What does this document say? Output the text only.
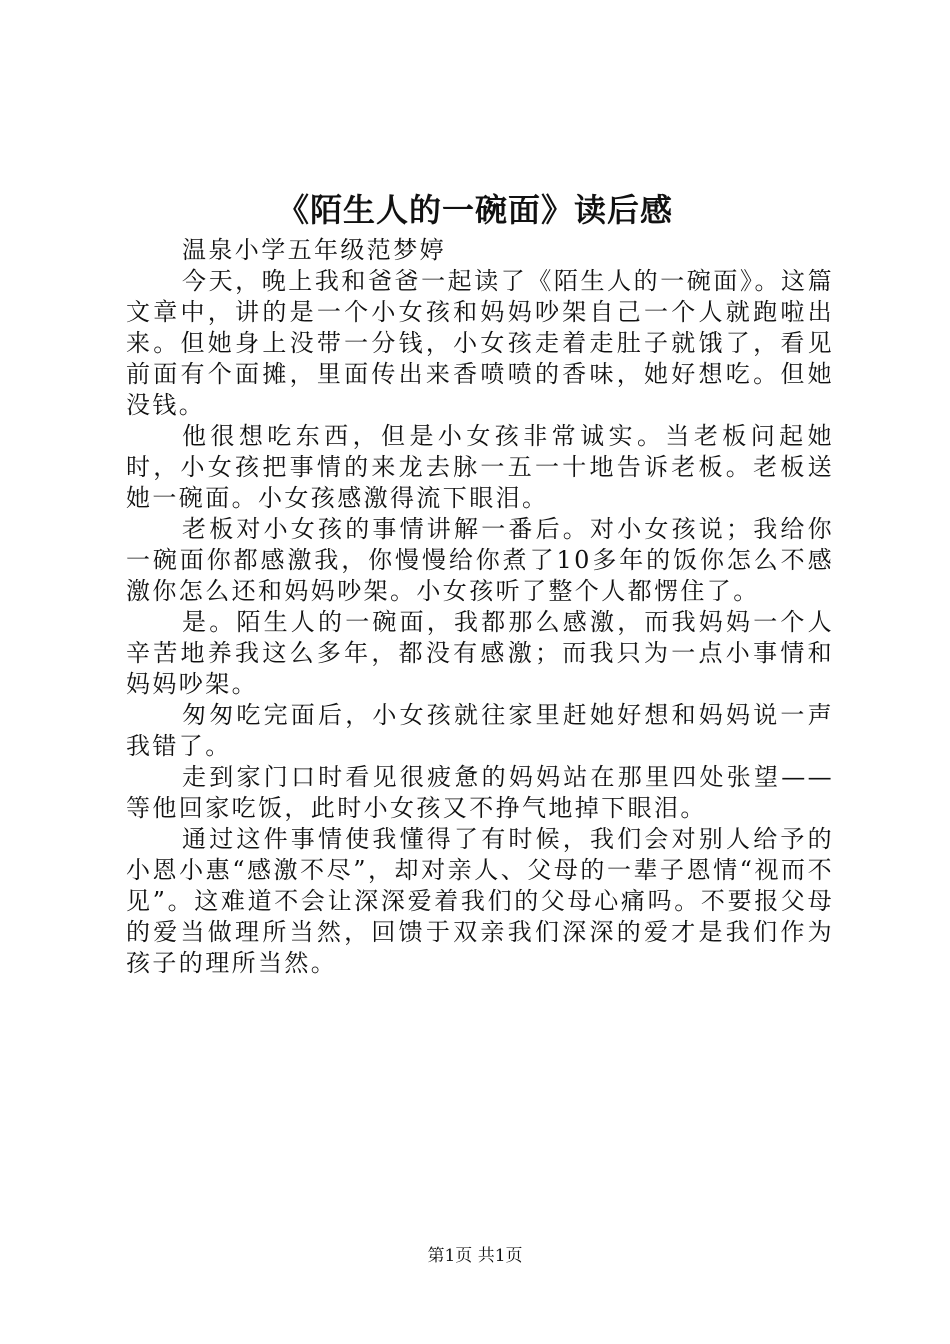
《陌生人的一碗面》读后感

温泉小学五年级范梦婷

今天，晚上我和爸爸一起读了《陌生人的一碗面》。这篇文章中，讲的是一个小女孩和妈妈吵架自己一个人就跑啦出来。但她身上没带一分钱，小女孩走着走肚子就饿了，看见前面有个面摊，里面传出来香喷喷的香味，她好想吃。但她没钱。

他很想吃东西，但是小女孩非常诚实。当老板问起她时，小女孩把事情的来龙去脉一五一十地告诉老板。老板送她一碗面。小女孩感激得流下眼泪。

老板对小女孩的事情讲解一番后。对小女孩说；我给你一碗面你都感激我，你慢慢给你煮了10多年的饭你怎么不感激你怎么还和妈妈吵架。小女孩听了整个人都愣住了。

是。陌生人的一碗面，我都那么感激，而我妈妈一个人辛苦地养我这么多年，都没有感激；而我只为一点小事情和妈妈吵架。

匆匆吃完面后，小女孩就往家里赶她好想和妈妈说一声我错了。

走到家门口时看见很疲惫的妈妈站在那里四处张望——等他回家吃饭，此时小女孩又不挣气地掉下眼泪。

通过这件事情使我懂得了有时候，我们会对别人给予的小恩小惠“感激不尽”，却对亲人、父母的一辈子恩情“视而不见”。这难道不会让深深爱着我们的父母心痛吗。不要报父母的爱当做理所当然，回馈于双亲我们深深的爱才是我们作为孩子的理所当然。

第1页 共1页
